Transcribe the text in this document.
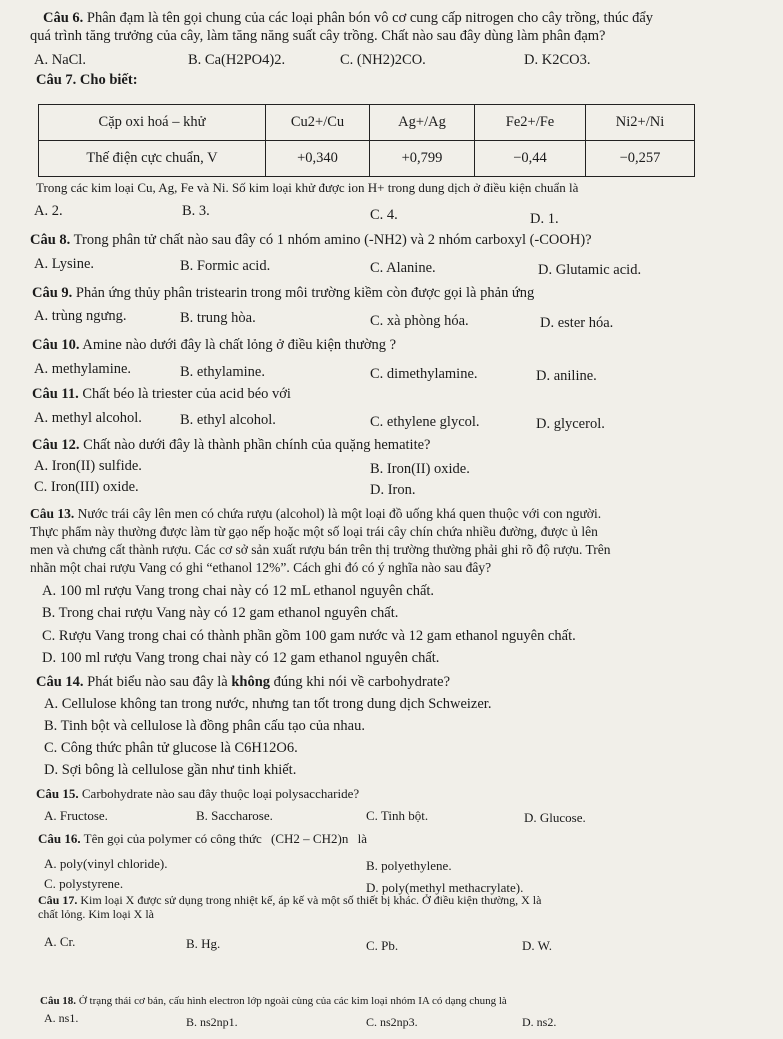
Câu 6. Phân đạm là tên gọi chung của các loại phân bón vô cơ cung cấp nitrogen cho cây trồng, thúc đẩy
quá trình tăng trưởng của cây, làm tăng năng suất cây trồng. Chất nào sau đây dùng làm phân đạm?
A. NaCl.	B. Ca(H2PO4)2.	C. (NH2)2CO.	D. K2CO3.
Câu 7. Cho biết:
Cặp oxi hoá – khử	Cu2+/Cu	Ag+/Ag	Fe2+/Fe	Ni2+/Ni
Thế điện cực chuẩn, V	+0,340	+0,799	−0,44	−0,257
Trong các kim loại Cu, Ag, Fe và Ni. Số kim loại khử được ion H+ trong dung dịch ở điều kiện chuẩn là
A. 2.	B. 3.	C. 4.	D. 1.
Câu 8. Trong phân tử chất nào sau đây có 1 nhóm amino (-NH2) và 2 nhóm carboxyl (-COOH)?
A. Lysine.	B. Formic acid.	C. Alanine.	D. Glutamic acid.
Câu 9. Phản ứng thủy phân tristearin trong môi trường kiềm còn được gọi là phản ứng
A. trùng ngưng.	B. trung hòa.	C. xà phòng hóa.	D. ester hóa.
Câu 10. Amine nào dưới đây là chất lỏng ở điều kiện thường ?
A. methylamine.	B. ethylamine.	C. dimethylamine.	D. aniline.
Câu 11. Chất béo là triester của acid béo với
A. methyl alcohol.	B. ethyl alcohol.	C. ethylene glycol.	D. glycerol.
Câu 12. Chất nào dưới đây là thành phần chính của quặng hematite?
A. Iron(II) sulfide.	B. Iron(II) oxide.
C. Iron(III) oxide.	D. Iron.
Câu 13. Nước trái cây lên men có chứa rượu (alcohol) là một loại đồ uống khá quen thuộc với con người.
Thực phẩm này thường được làm từ gạo nếp hoặc một số loại trái cây chín chứa nhiều đường, được ủ lên
men và chưng cất thành rượu. Các cơ sở sản xuất rượu bán trên thị trường thường phải ghi rõ độ rượu. Trên
nhãn một chai rượu Vang có ghi “ethanol 12%”. Cách ghi đó có ý nghĩa nào sau đây?
A. 100 ml rượu Vang trong chai này có 12 mL ethanol nguyên chất.
B. Trong chai rượu Vang này có 12 gam ethanol nguyên chất.
C. Rượu Vang trong chai có thành phần gồm 100 gam nước và 12 gam ethanol nguyên chất.
D. 100 ml rượu Vang trong chai này có 12 gam ethanol nguyên chất.
Câu 14. Phát biểu nào sau đây là không đúng khi nói về carbohydrate?
A. Cellulose không tan trong nước, nhưng tan tốt trong dung dịch Schweizer.
B. Tinh bột và cellulose là đồng phân cấu tạo của nhau.
C. Công thức phân tử glucose là C6H12O6.
D. Sợi bông là cellulose gần như tinh khiết.
Câu 15. Carbohydrate nào sau đây thuộc loại polysaccharide?
A. Fructose.	B. Saccharose.	C. Tinh bột.	D. Glucose.
Câu 16. Tên gọi của polymer có công thức (CH2 – CH2)n là
A. poly(vinyl chloride).	B. polyethylene.
C. polystyrene.	D. poly(methyl methacrylate).
Câu 17. Kim loại X được sử dụng trong nhiệt kế, áp kế và một số thiết bị khác. Ở điều kiện thường, X là
chất lỏng. Kim loại X là
A. Cr.	B. Hg.	C. Pb.	D. W.
Câu 18. Ở trạng thái cơ bản, cấu hình electron lớp ngoài cùng của các kim loại nhóm IA có dạng chung là
A. ns1.	B. ns2np1.	C. ns2np3.	D. ns2.
